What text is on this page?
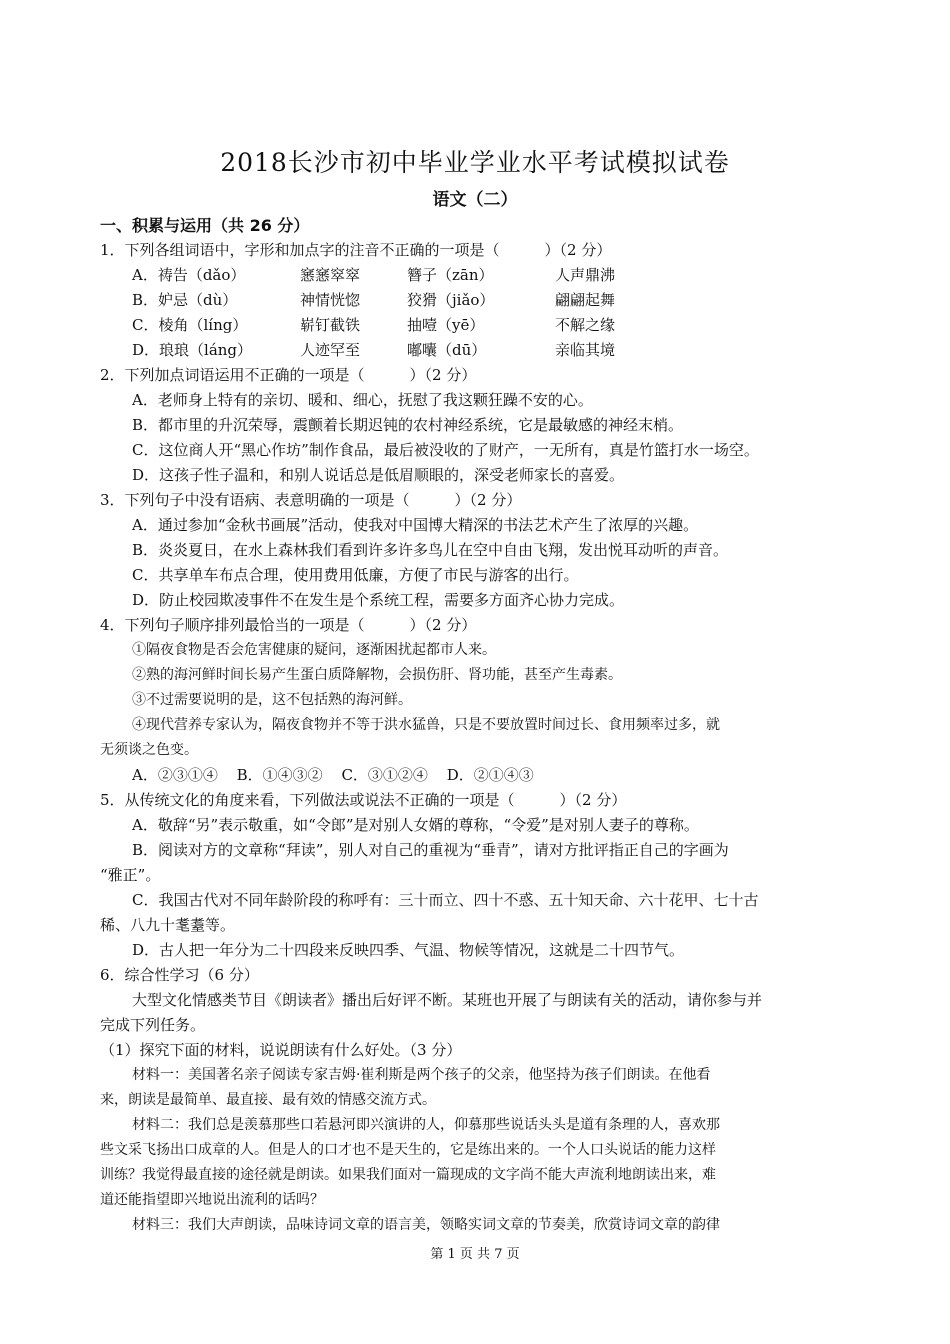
2018长沙市初中毕业学业水平考试模拟试卷
语文（二）

一、积累与运用（共 26 分）

1．下列各组词语中，字形和加点字的注音不正确的一项是（　　　）（2 分）

A．祷告（dǎo）	窸窸窣窣	簪子（zān）	人声鼎沸
B．妒忌（dù）	神情恍惚	狡猾（jiǎo）	翩翩起舞
C．棱角（líng）	崭钉截铁	抽噎（yē）	不解之缘
D．琅琅（láng）	人迹罕至	嘟囔（dū）	亲临其境

2．下列加点词语运用不正确的一项是（　　　）（2 分）

A．老师身上特有的亲切、暖和、细心，抚慰了我这颗狂躁不安的心。

B．都市里的升沉荣辱，震颤着长期迟钝的农村神经系统，它是最敏感的神经末梢。

C．这位商人开“黑心作坊”制作食品，最后被没收的了财产，一无所有，真是竹篮打水一场空。

D．这孩子性子温和，和别人说话总是低眉顺眼的，深受老师家长的喜爱。

3．下列句子中没有语病、表意明确的一项是（　　　）（2 分）

A．通过参加“金秋书画展”活动，使我对中国博大精深的书法艺术产生了浓厚的兴趣。

B．炎炎夏日，在水上森林我们看到许多许多鸟儿在空中自由飞翔，发出悦耳动听的声音。

C．共享单车布点合理，使用费用低廉，方便了市民与游客的出行。

D．防止校园欺凌事件不在发生是个系统工程，需要多方面齐心协力完成。

4．下列句子顺序排列最恰当的一项是（　　　）（2 分）

①隔夜食物是否会危害健康的疑问，逐渐困扰起都市人来。

②熟的海河鲜时间长易产生蛋白质降解物，会损伤肝、肾功能，甚至产生毒素。

③不过需要说明的是，这不包括熟的海河鲜。

④现代营养专家认为，隔夜食物并不等于洪水猛兽，只是不要放置时间过长、食用频率过多，就

无须谈之色变。

A．②③①④ B．①④③② C．③①②④ D．②①④③

5．从传统文化的角度来看，下列做法或说法不正确的一项是（　　　）（2 分）

A．敬辞“另”表示敬重，如“令郎”是对别人女婿的尊称，“令爱”是对别人妻子的尊称。

B．阅读对方的文章称“拜读”，别人对自己的重视为“垂青”，请对方批评指正自己的字画为

“雅正”。

C．我国古代对不同年龄阶段的称呼有：三十而立、四十不惑、五十知天命、六十花甲、七十古

稀、八九十耄耋等。

D．古人把一年分为二十四段来反映四季、气温、物候等情况，这就是二十四节气。

6．综合性学习（6 分）

大型文化情感类节目《朗读者》播出后好评不断。某班也开展了与朗读有关的活动，请你参与并

完成下列任务。

（1）探究下面的材料，说说朗读有什么好处。（3 分）

材料一：美国著名亲子阅读专家吉姆·崔利斯是两个孩子的父亲，他坚持为孩子们朗读。在他看

来，朗读是最简单、最直接、最有效的情感交流方式。

材料二：我们总是羡慕那些口若悬河即兴演讲的人，仰慕那些说话头头是道有条理的人，喜欢那

些文采飞扬出口成章的人。但是人的口才也不是天生的，它是练出来的。一个人口头说话的能力这样

训练？我觉得最直接的途径就是朗读。如果我们面对一篇现成的文字尚不能大声流利地朗读出来，难

道还能指望即兴地说出流利的话吗？

材料三：我们大声朗读，品味诗词文章的语言美，领略实词文章的节奏美，欣赏诗词文章的韵律

第 1 页 共 7 页
